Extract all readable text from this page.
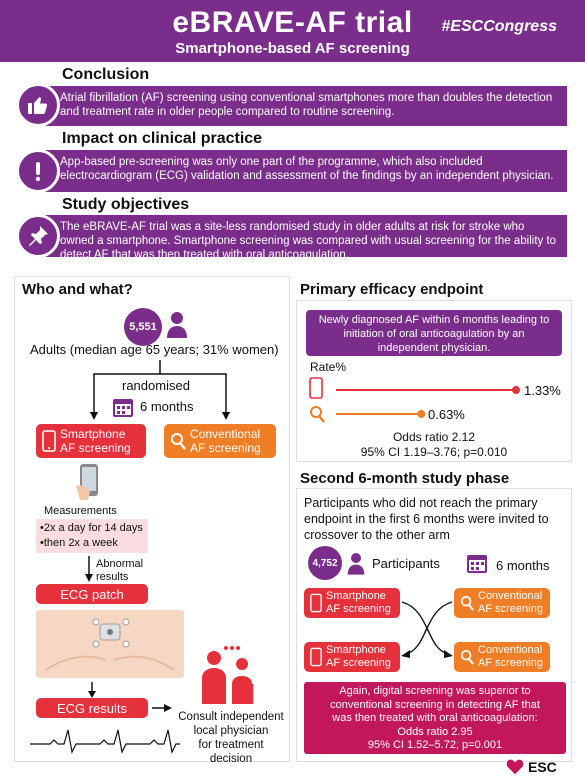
eBRAVE-AF trial
Smartphone-based AF screening
#ESCCongress
Conclusion
Atrial fibrillation (AF) screening using conventional smartphones more than doubles the detection and treatment rate in older people compared to routine screening.
Impact on clinical practice
App-based pre-screening was only one part of the programme, which also included electrocardiogram (ECG) validation and assessment of the findings by an independent physician.
Study objectives
The eBRAVE-AF trial was a site-less randomised study in older adults at risk for stroke who owned a smartphone. Smartphone screening was compared with usual screening for the ability to detect AF that was then treated with oral anticoagulation.
Who and what?
5,551
Adults (median age 65 years; 31% women)
randomised
6 months
Smartphone
AF screening
Conventional
AF screening
Measurements
•2x a day for 14 days
•then 2x a week
Abnormal
results
ECG patch
ECG results
Consult independent
local physician
for treatment decision
Primary efficacy endpoint
Newly diagnosed AF within 6 months leading to initiation of oral anticoagulation by an independent physician.
Rate%
1.33%
0.63%
Odds ratio 2.12
95% CI 1.19–3.76; p=0.010
Second 6-month study phase
Participants who did not reach the primary endpoint in the first 6 months were invited to crossover to the other arm
4,752	Participants	6 months
Smartphone
AF screening
Conventional
AF screening
Smartphone
AF screening
Conventional
AF screening
Again, digital screening was superior to
conventional screening in detecting AF that
was then treated with oral anticoagulation:
Odds ratio 2.95
95% CI 1.52–5.72; p=0.001
ESC
